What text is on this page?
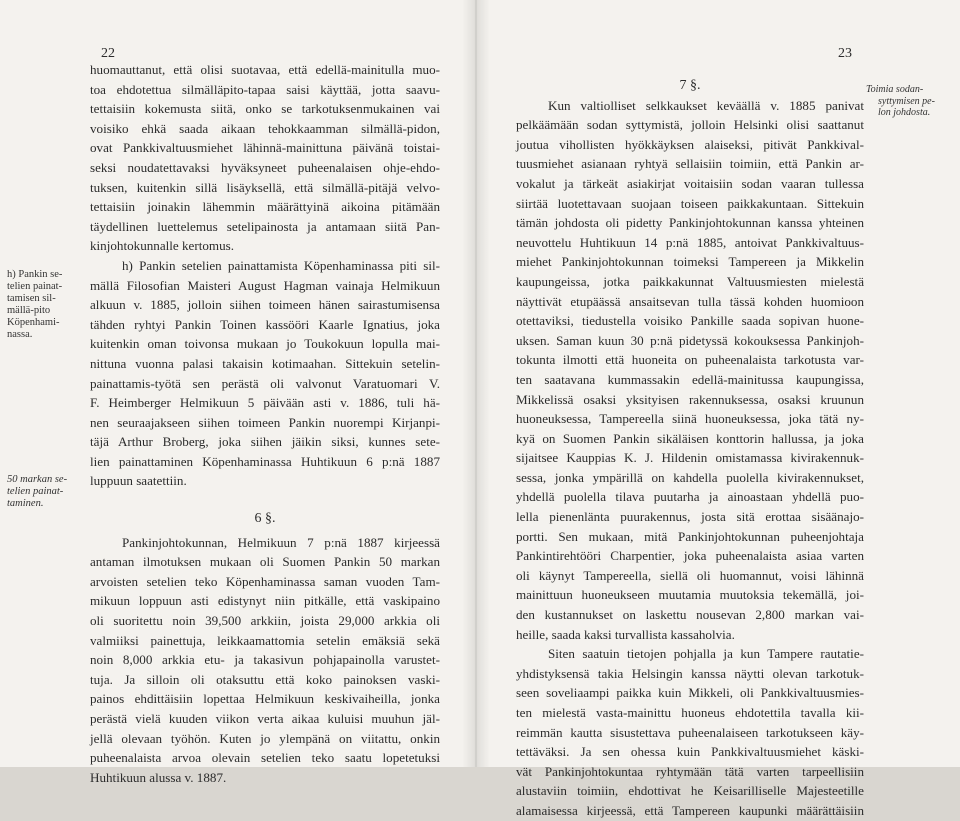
22
h) Pankin se-
telien painat-
tamisen sil-
mällä-pito
Köpenhami-
nassa.
50 markan se-
telien painat-
taminen.

huomauttanut, että olisi suotavaa, että edellä-mainitulla muo-
toa ehdotettua silmälläpito-tapaa saisi käyttää, jotta saavu-
tettaisiin kokemusta siitä, onko se tarkotuksenmukainen vai
voisiko ehkä saada aikaan tehokkaamman silmällä-pidon,
ovat Pankkivaltuusmiehet lähinnä-mainittuna päivänä toistai-
seksi noudatettavaksi hyväksyneet puheenalaisen ohje-ehdo-
tuksen, kuitenkin sillä lisäyksellä, että silmällä-pitäjä velvo-
tettaisiin joinakin lähemmin määrättyinä aikoina pitämään
täydellinen luettelemus setelipainosta ja antamaan siitä Pan-
kinjohtokunnalle kertomus.

h) Pankin setelien painattamista Köpenhaminassa piti sil-
mällä Filosofian Maisteri August Hagman vainaja Helmikuun
alkuun v. 1885, jolloin siihen toimeen hänen sairastumisensa
tähden ryhtyi Pankin Toinen kassööri Kaarle Ignatius, joka
kuitenkin oman toivonsa mukaan jo Toukokuun lopulla mai-
nittuna vuonna palasi takaisin kotimaahan. Sittekuin setelin-
painattamis-työtä sen perästä oli valvonut Varatuomari V.
F. Heimberger Helmikuun 5 päivään asti v. 1886, tuli hä-
nen seuraajakseen siihen toimeen Pankin nuorempi Kirjanpi-
täjä Arthur Broberg, joka siihen jäikin siksi, kunnes sete-
lien painattaminen Köpenhaminassa Huhtikuun 6 p:nä 1887
luppuun saatettiin.

6 §.

Pankinjohtokunnan, Helmikuun 7 p:nä 1887 kirjeessä
antaman ilmotuksen mukaan oli Suomen Pankin 50 markan
arvoisten setelien teko Köpenhaminassa saman vuoden Tam-
mikuun loppuun asti edistynyt niin pitkälle, että vaskipaino
oli suoritettu noin 39,500 arkkiin, joista 29,000 arkkia oli
valmiiksi painettuja, leikkaamattomia setelin emäksiä sekä
noin 8,000 arkkia etu- ja takasivun pohjapainolla varustet-
tuja. Ja silloin oli otaksuttu että koko painoksen vaski-
painos ehdittäisiin lopettaa Helmikuun keskivaiheilla, jonka
perästä vielä kuuden viikon verta aikaa kuluisi muuhun jäl-
jellä olevaan työhön. Kuten jo ylempänä on viitattu, onkin
puheenalaista arvoa olevain setelien teko saatu lopetetuksi
Huhtikuun alussa v. 1887.

23
Toimia sodan-
syttymisen pe-
lon johdosta.
7 §.

Kun valtiolliset selkkaukset keväällä v. 1885 panivat
pelkäämään sodan syttymistä, jolloin Helsinki olisi saattanut
joutua vihollisten hyökkäyksen alaiseksi, pitivät Pankkival-
tuusmiehet asianaan ryhtyä sellaisiin toimiin, että Pankin ar-
vokalut ja tärkeät asiakirjat voitaisiin sodan vaaran tullessa
siirtää luotettavaan suojaan toiseen paikkakuntaan. Sittekuin
tämän johdosta oli pidetty Pankinjohtokunnan kanssa yhteinen
neuvottelu Huhtikuun 14 p:nä 1885, antoivat Pankkivaltuus-
miehet Pankinjohtokunnan toimeksi Tampereen ja Mikkelin
kaupungeissa, jotka paikkakunnat Valtuusmiesten mielestä
näyttivät etupäässä ansaitsevan tulla tässä kohden huomioon
otettaviksi, tiedustella voisiko Pankille saada sopivan huone-
uksen. Saman kuun 30 p:nä pidetyssä kokouksessa Pankinjoh-
tokunta ilmotti että huoneita on puheenalaista tarkotusta var-
ten saatavana kummassakin edellä-mainitussa kaupungissa,
Mikkelissä osaksi yksityisen rakennuksessa, osaksi kruunun
huoneuksessa, Tampereella siinä huoneuksessa, joka tätä ny-
kyä on Suomen Pankin sikäläisen konttorin hallussa, ja joka
sijaitsee Kauppias K. J. Hildenin omistamassa kivirakennuk-
sessa, jonka ympärillä on kahdella puolella kivirakennukset,
yhdellä puolella tilava puutarha ja ainoastaan yhdellä puo-
lella pienenlänta puurakennus, josta sitä erottaa sisäänajo-
portti. Sen mukaan, mitä Pankinjohtokunnan puheenjohtaja
Pankintirehtööri Charpentier, joka puheenalaista asiaa varten
oli käynyt Tampereella, siellä oli huomannut, voisi lähinnä
mainittuun huoneukseen muutamia muutoksia tekemällä, joi-
den kustannukset on laskettu nousevan 2,800 markan vai-
heille, saada kaksi turvallista kassaholvia.

Siten saatuin tietojen pohjalla ja kun Tampere rautatie-
yhdistyksensä takia Helsingin kanssa näytti olevan tarkotuk-
seen soveliaampi paikka kuin Mikkeli, oli Pankkivaltuusmies-
ten mielestä vasta-mainittu huoneus ehdotettila tavalla kii-
reimmän kautta sisustettava puheenalaiseen tarkotukseen käy-
tettäväksi. Ja sen ohessa kuin Pankkivaltuusmiehet käski-
vät Pankinjohtokuntaa ryhtymään tätä varten tarpeellisiin
alustaviin toimiin, ehdottivat he Keisarilliselle Majesteetille
alamaisessa kirjeessä, että Tampereen kaupunki määrättäisiin
